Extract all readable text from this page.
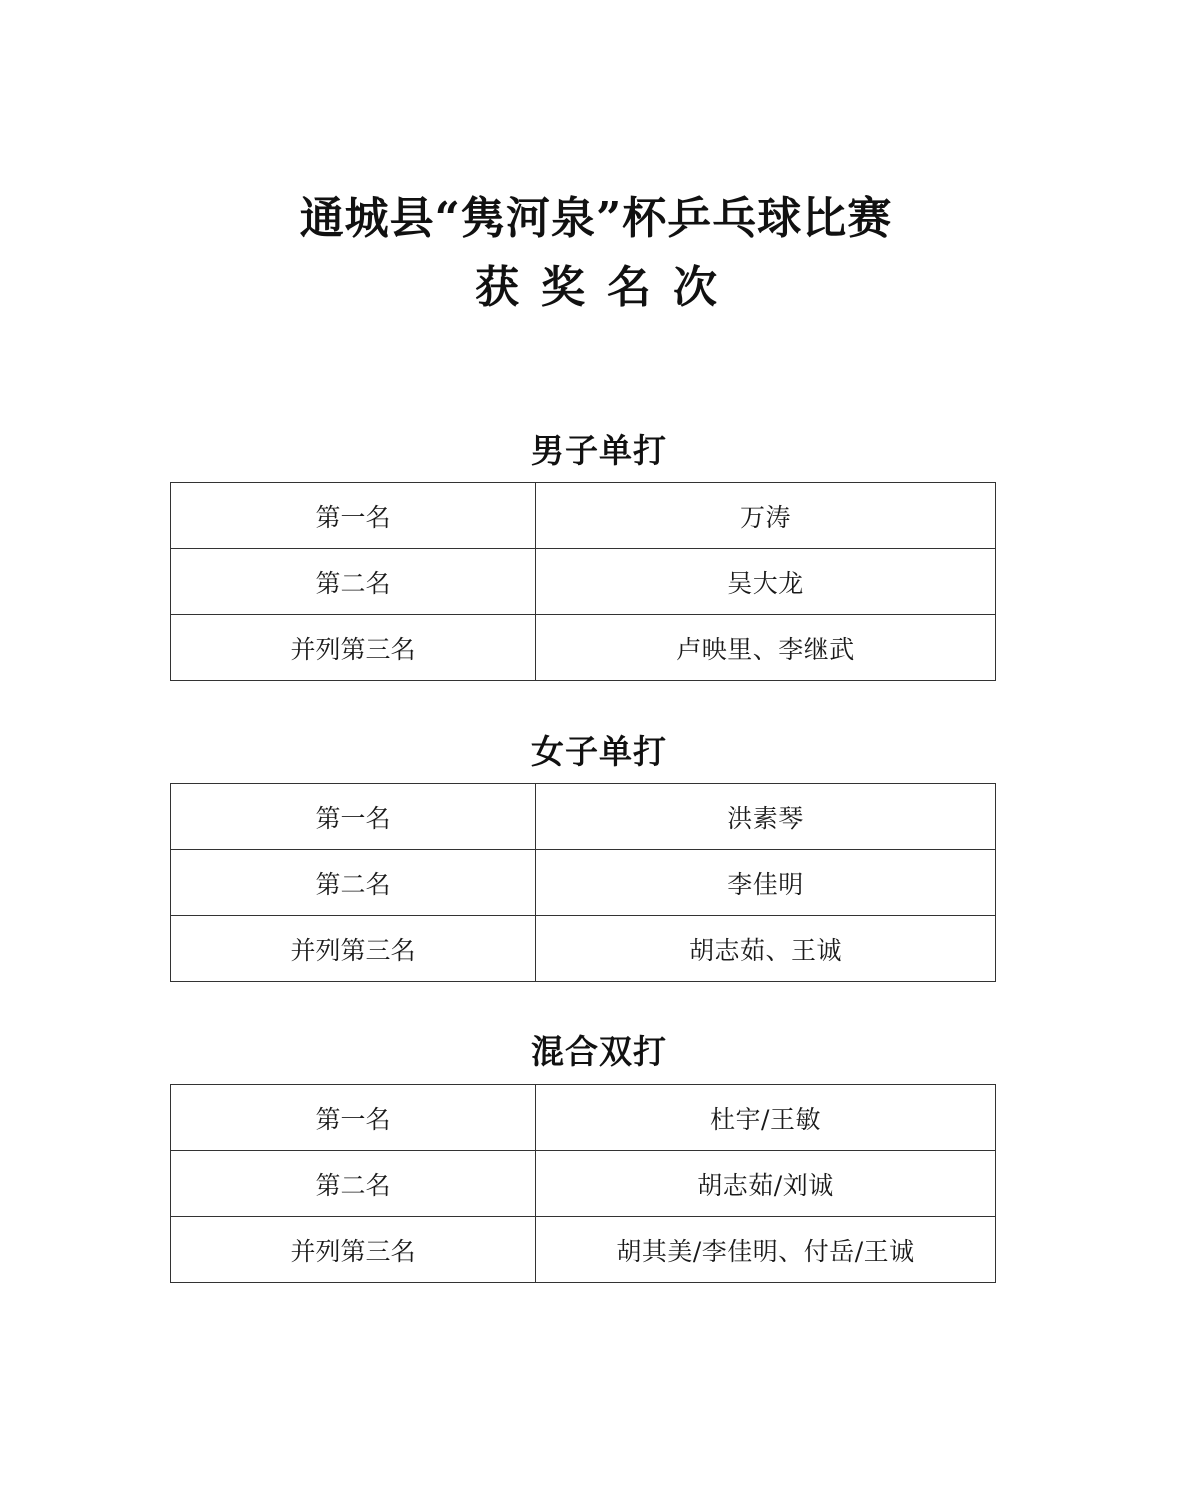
通城县“隽河泉”杯乒乓球比赛
获奖名次
男子单打
第一名	万涛
第二名	吴大龙
并列第三名	卢映里、李继武
女子单打
第一名	洪素琴
第二名	李佳明
并列第三名	胡志茹、王诚
混合双打
第一名	杜宇/王敏
第二名	胡志茹/刘诚
并列第三名	胡其美/李佳明、付岳/王诚
